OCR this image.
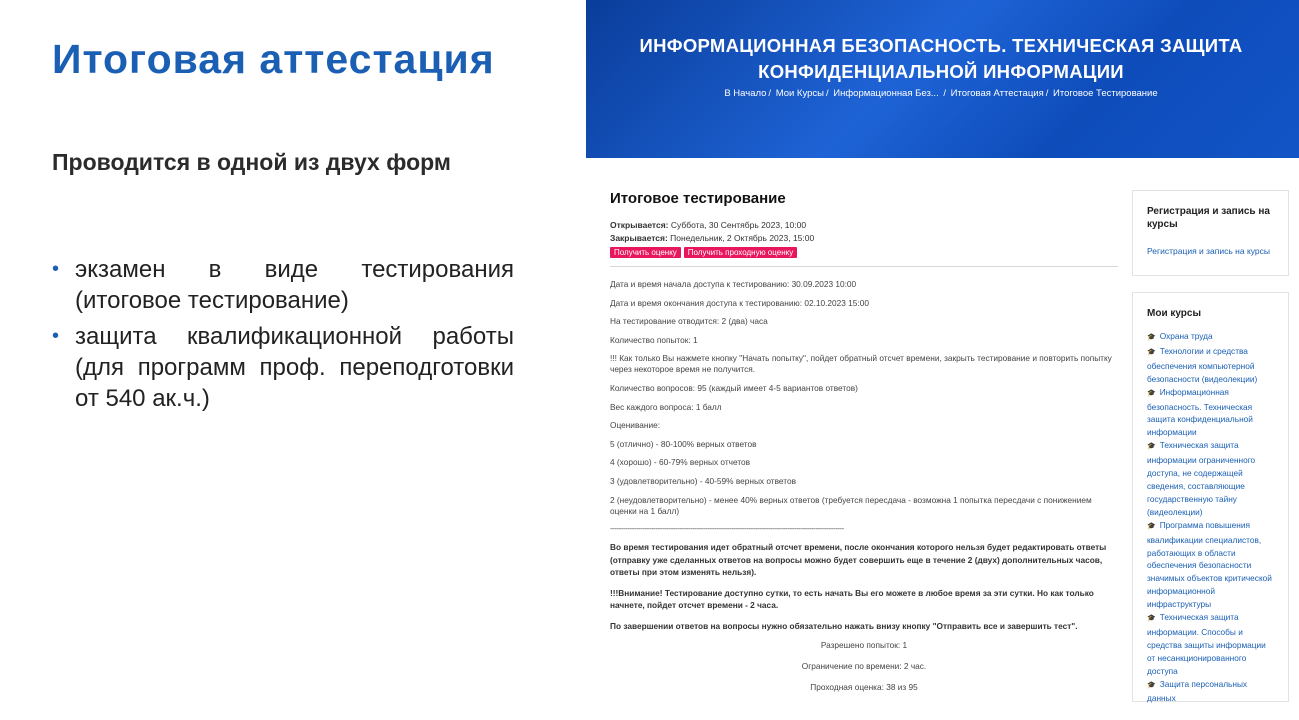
Итоговая аттестация
Проводится в одной из двух форм
• экзамен в виде тестирования (итоговое тестирование)
• защита квалификационной работы (для программ проф. переподготовки от 540 ак.ч.)
ИНФОРМАЦИОННАЯ БЕЗОПАСНОСТЬ. ТЕХНИЧЕСКАЯ ЗАЩИТА КОНФИДЕНЦИАЛЬНОЙ ИНФОРМАЦИИ
В Начало / Мои Курсы / Информационная Без... / Итоговая Аттестация / Итоговое Тестирование
Итоговое тестирование
Открывается: Суббота, 30 Сентябрь 2023, 10:00
Закрывается: Понедельник, 2 Октябрь 2023, 15:00
Получить оценку	Получить проходную оценку
Дата и время начала доступа к тестированию: 30.09.2023 10:00
Дата и время окончания доступа к тестированию: 02.10.2023 15:00
На тестирование отводится: 2 (два) часа
Количество попыток: 1
!!! Как только Вы нажмете кнопку "Начать попытку", пойдет обратный отсчет времени, закрыть тестирование и повторить попытку через некоторое время не получится.
Количество вопросов: 95 (каждый имеет 4-5 вариантов ответов)
Вес каждого вопроса: 1 балл
Оценивание:
5 (отлично) - 80-100% верных ответов
4 (хорошо) - 60-79% верных отчетов
3 (удовлетворительно) - 40-59% верных ответов
2 (неудовлетворительно) - менее 40% верных ответов (требуется пересдача - возможна 1 попытка пересдачи с понижением оценки на 1 балл)
------------------------------------------------------------------------------------------------------------
Во время тестирования идет обратный отсчет времени, после окончания которого нельзя будет редактировать ответы (отправку уже сделанных ответов на вопросы можно будет совершить еще в течение 2 (двух) дополнительных часов, ответы при этом изменять нельзя).
!!!Внимание! Тестирование доступно сутки, то есть начать Вы его можете в любое время за эти сутки. Но как только начнете, пойдет отсчет времени - 2 часа.
По завершении ответов на вопросы нужно обязательно нажать внизу кнопку "Отправить все и завершить тест".
Разрешено попыток: 1
Ограничение по времени: 2 час.
Проходная оценка: 38 из 95
Регистрация и запись на курсы
Регистрация и запись на курсы
Мои курсы
🎓 Охрана труда
🎓 Технологии и средства обеспечения компьютерной безопасности (видеолекции)
🎓 Информационная безопасность. Техническая защита конфиденциальной информации
🎓 Техническая защита информации ограниченного доступа, не содержащей сведения, составляющие государственную тайну (видеолекции)
🎓 Программа повышения квалификации специалистов, работающих в области обеспечения безопасности значимых объектов критической информационной инфраструктуры
🎓 Техническая защита информации. Способы и средства защиты информации от несанкционированного доступа
🎓 Защита персональных данных
